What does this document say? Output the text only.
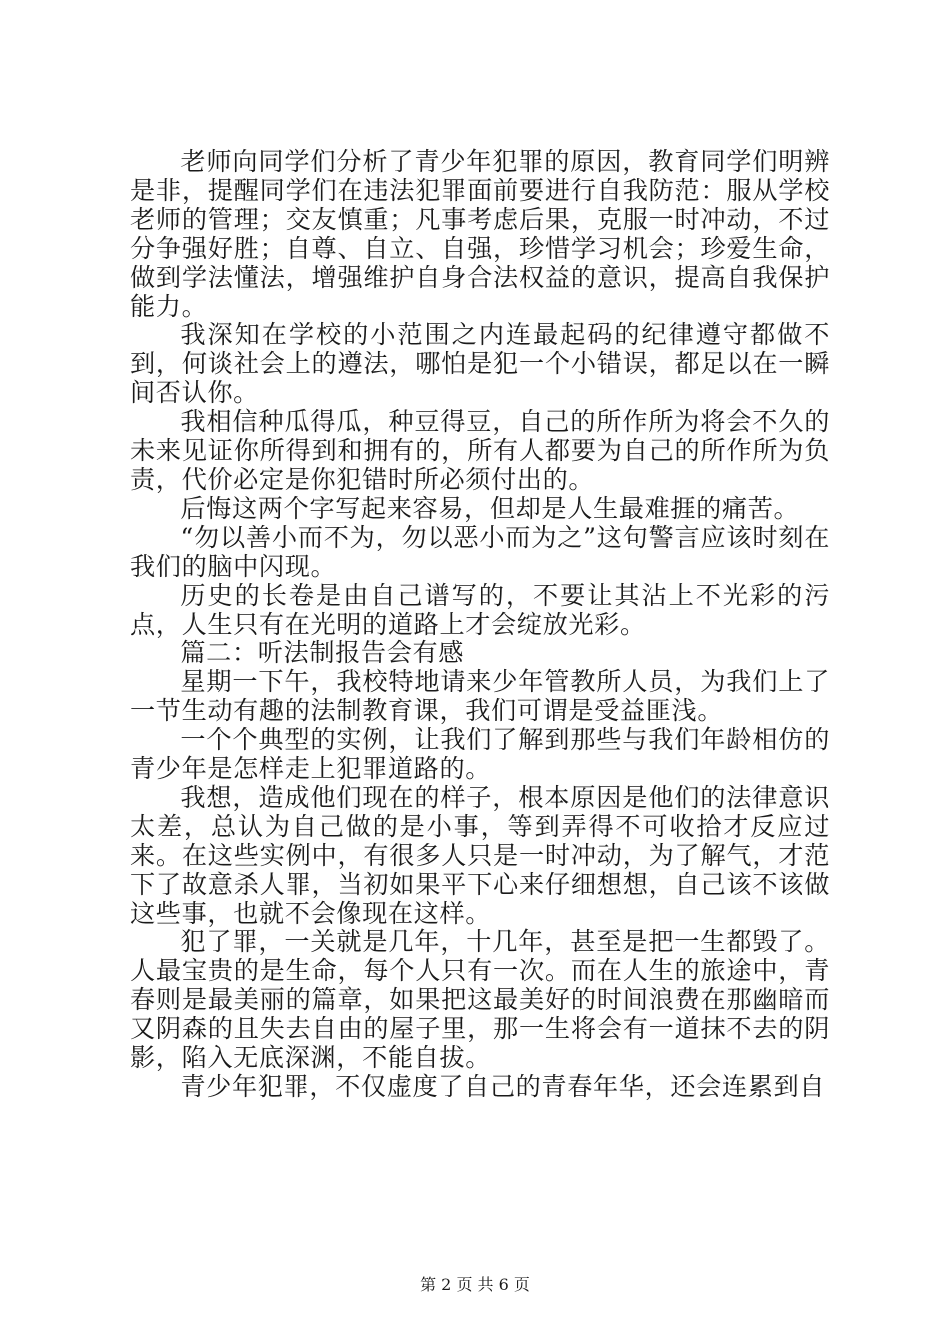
老师向同学们分析了青少年犯罪的原因，教育同学们明辨是非，提醒同学们在违法犯罪面前要进行自我防范：服从学校老师的管理；交友慎重；凡事考虑后果，克服一时冲动，不过分争强好胜；自尊、自立、自强，珍惜学习机会；珍爱生命，做到学法懂法，增强维护自身合法权益的意识，提高自我保护能力。

我深知在学校的小范围之内连最起码的纪律遵守都做不到，何谈社会上的遵法，哪怕是犯一个小错误，都足以在一瞬间否认你。

我相信种瓜得瓜，种豆得豆，自己的所作所为将会不久的未来见证你所得到和拥有的，所有人都要为自己的所作所为负责，代价必定是你犯错时所必须付出的。

后悔这两个字写起来容易，但却是人生最难捱的痛苦。

“勿以善小而不为，勿以恶小而为之”这句警言应该时刻在我们的脑中闪现。

历史的长卷是由自己谱写的，不要让其沾上不光彩的污点，人生只有在光明的道路上才会绽放光彩。

篇二：听法制报告会有感

星期一下午，我校特地请来少年管教所人员，为我们上了一节生动有趣的法制教育课，我们可谓是受益匪浅。

一个个典型的实例，让我们了解到那些与我们年龄相仿的青少年是怎样走上犯罪道路的。

我想，造成他们现在的样子，根本原因是他们的法律意识太差，总认为自己做的是小事，等到弄得不可收拾才反应过来。在这些实例中，有很多人只是一时冲动，为了解气，才范下了故意杀人罪，当初如果平下心来仔细想想，自己该不该做这些事，也就不会像现在这样。

犯了罪，一关就是几年，十几年，甚至是把一生都毁了。人最宝贵的是生命，每个人只有一次。而在人生的旅途中，青春则是最美丽的篇章，如果把这最美好的时间浪费在那幽暗而又阴森的且失去自由的屋子里，那一生将会有一道抹不去的阴影，陷入无底深渊，不能自拔。

青少年犯罪，不仅虚度了自己的青春年华，还会连累到自

第 2 页 共 6 页
